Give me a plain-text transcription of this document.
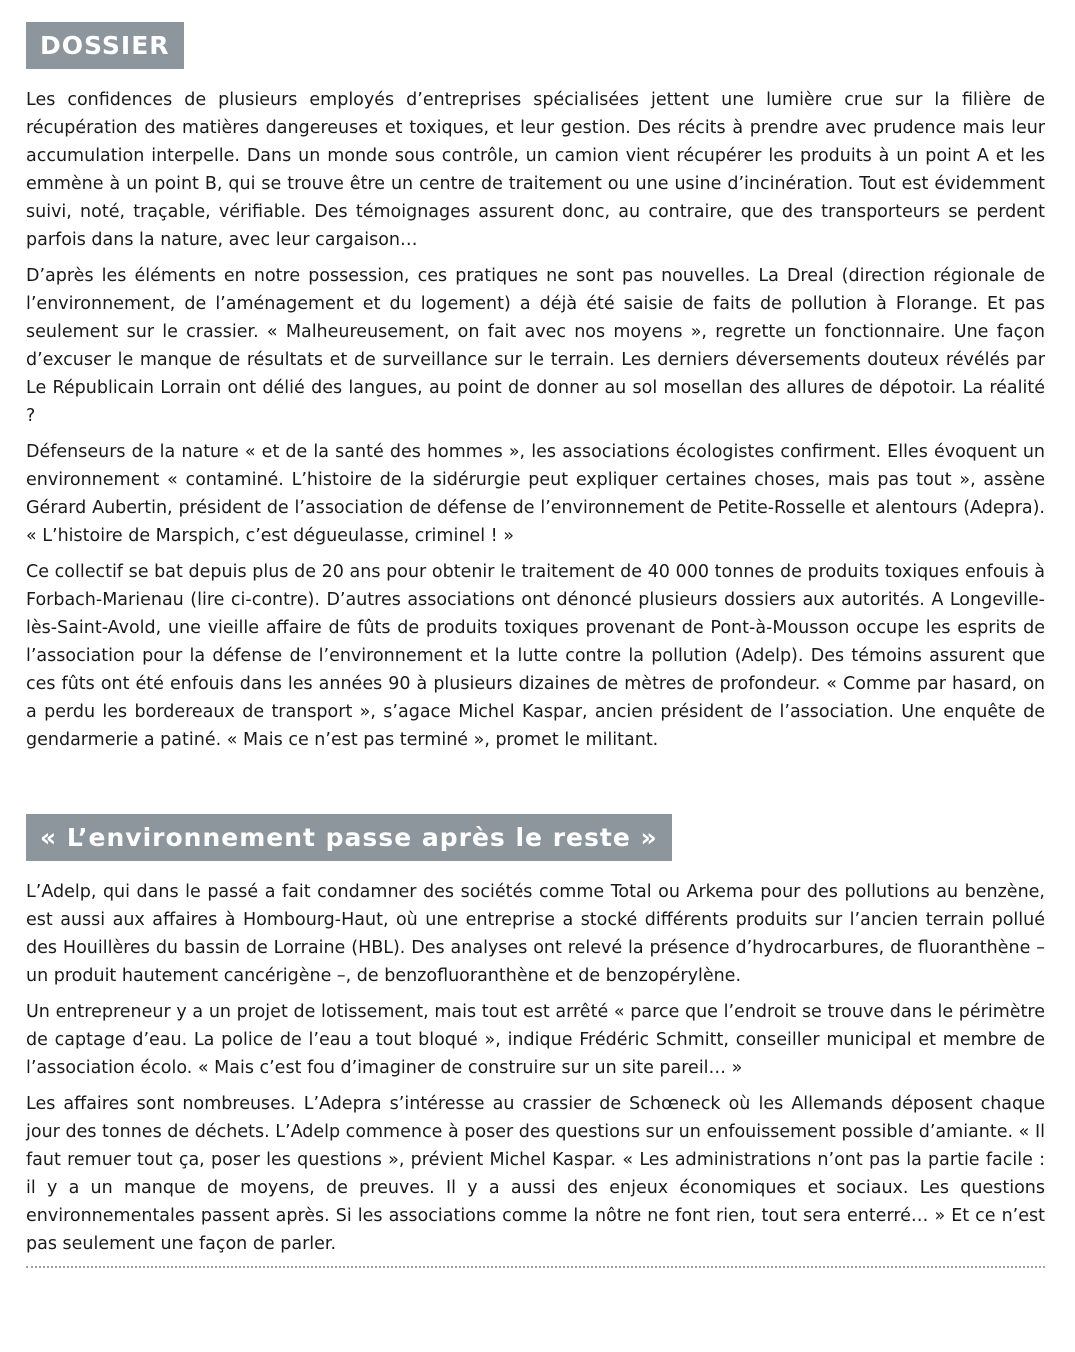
DOSSIER

Les confidences de plusieurs employés d’entreprises spécialisées jettent une lumière crue sur la filière de récupération des matières dangereuses et toxiques, et leur gestion. Des récits à prendre avec prudence mais leur accumulation interpelle. Dans un monde sous contrôle, un camion vient récupérer les produits à un point A et les emmène à un point B, qui se trouve être un centre de traitement ou une usine d’incinération. Tout est évidemment suivi, noté, traçable, vérifiable. Des témoignages assurent donc, au contraire, que des transporteurs se perdent parfois dans la nature, avec leur cargaison…

D’après les éléments en notre possession, ces pratiques ne sont pas nouvelles. La Dreal (direction régionale de l’environnement, de l’aménagement et du logement) a déjà été saisie de faits de pollution à Florange. Et pas seulement sur le crassier. « Malheureusement, on fait avec nos moyens », regrette un fonctionnaire. Une façon d’excuser le manque de résultats et de surveillance sur le terrain. Les derniers déversements douteux révélés par Le Républicain Lorrain ont délié des langues, au point de donner au sol mosellan des allures de dépotoir. La réalité ?

Défenseurs de la nature « et de la santé des hommes », les associations écologistes confirment. Elles évoquent un environnement « contaminé. L’histoire de la sidérurgie peut expliquer certaines choses, mais pas tout », assène Gérard Aubertin, président de l’association de défense de l’environnement de Petite-Rosselle et alentours (Adepra). « L’histoire de Marspich, c’est dégueulasse, criminel ! »

Ce collectif se bat depuis plus de 20 ans pour obtenir le traitement de 40 000 tonnes de produits toxiques enfouis à Forbach-Marienau (lire ci-contre). D’autres associations ont dénoncé plusieurs dossiers aux autorités. A Longeville-lès-Saint-Avold, une vieille affaire de fûts de produits toxiques provenant de Pont-à-Mousson occupe les esprits de l’association pour la défense de l’environnement et la lutte contre la pollution (Adelp). Des témoins assurent que ces fûts ont été enfouis dans les années 90 à plusieurs dizaines de mètres de profondeur. « Comme par hasard, on a perdu les bordereaux de transport », s’agace Michel Kaspar, ancien président de l’association. Une enquête de gendarmerie a patiné. « Mais ce n’est pas terminé », promet le militant.

« L’environnement passe après le reste »

L’Adelp, qui dans le passé a fait condamner des sociétés comme Total ou Arkema pour des pollutions au benzène, est aussi aux affaires à Hombourg-Haut, où une entreprise a stocké différents produits sur l’ancien terrain pollué des Houillères du bassin de Lorraine (HBL). Des analyses ont relevé la présence d’hydrocarbures, de fluoranthène – un produit hautement cancérigène –, de benzofluoranthène et de benzopérylène.

Un entrepreneur y a un projet de lotissement, mais tout est arrêté « parce que l’endroit se trouve dans le périmètre de captage d’eau. La police de l’eau a tout bloqué », indique Frédéric Schmitt, conseiller municipal et membre de l’association écolo. « Mais c’est fou d’imaginer de construire sur un site pareil… »

Les affaires sont nombreuses. L’Adepra s’intéresse au crassier de Schœneck où les Allemands déposent chaque jour des tonnes de déchets. L’Adelp commence à poser des questions sur un enfouissement possible d’amiante. « Il faut remuer tout ça, poser les questions », prévient Michel Kaspar. « Les administrations n’ont pas la partie facile : il y a un manque de moyens, de preuves. Il y a aussi des enjeux économiques et sociaux. Les questions environnementales passent après. Si les associations comme la nôtre ne font rien, tout sera enterré… » Et ce n’est pas seulement une façon de parler.
